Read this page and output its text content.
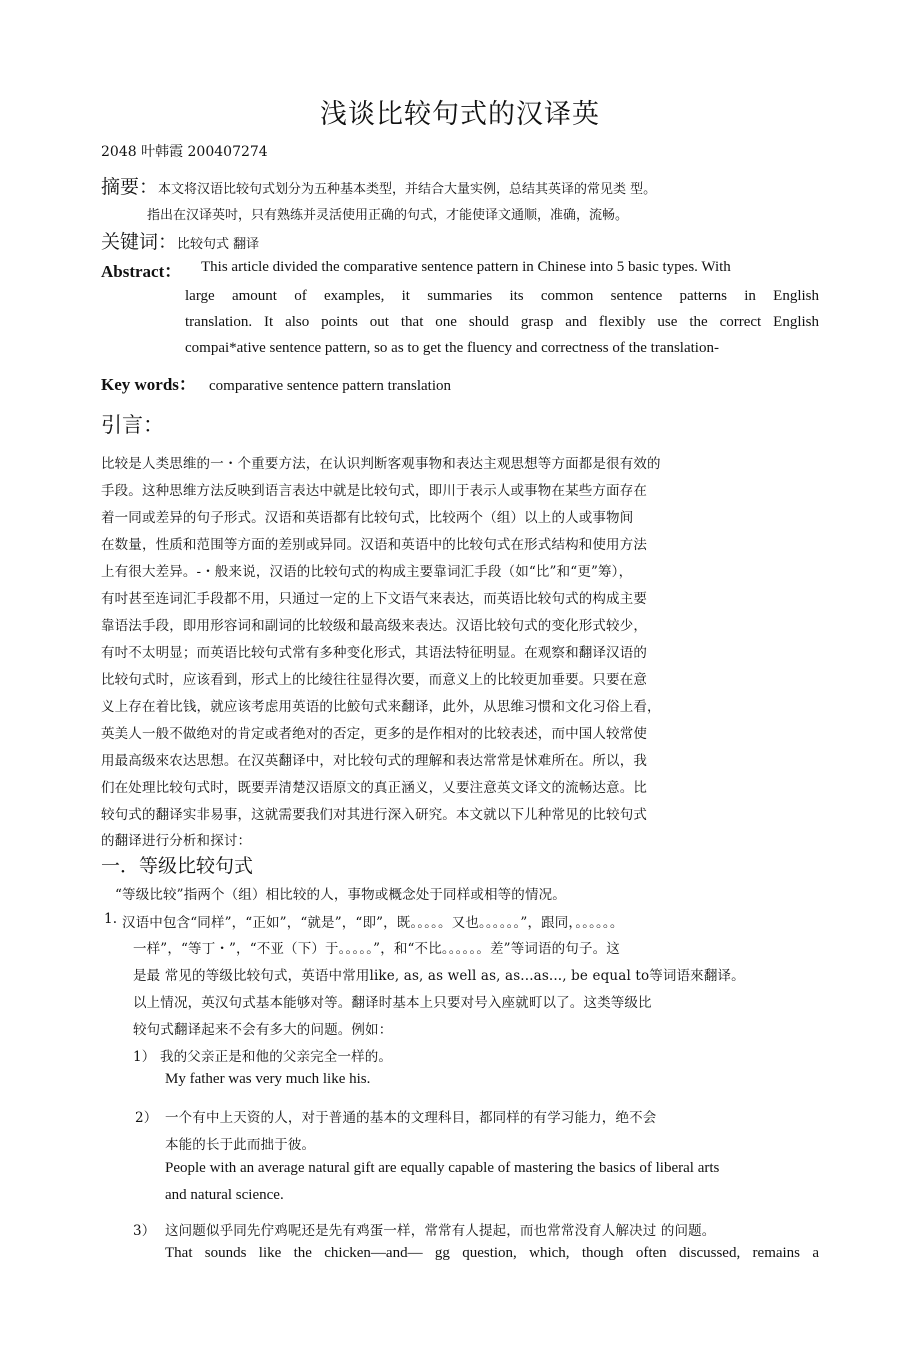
浅谈比较句式的汉译英
2048 叶韩霞 200407274
摘要：本文将汉语比较句式划分为五种基本类型，并结合大量实例，总结其英译的常见类 型。
指出在汉译英吋，只有熟练并灵活使用正确的句式，才能使译文通顺，准确，流畅。
关键词：比较句式 翻译
Abstract： This article divided the comparative sentence pattern in Chinese into 5 basic types. With
large amount of examples, it summaries its common sentence patterns in English
translation. It also points out that one should grasp and flexibly use the correct English
compai*ative sentence pattern, so as to get the fluency and correctness of the translation-
Key words： comparative sentence pattern translation
引言：
比较是人类思维的一・个重要方法，在认识判断客观事物和表达主观思想等方面都是很有效的
手段。这种思维方法反映到语言表达中就是比较句式，即川于表示人或事物在某些方面存在
着一同或差异的句子形式。汉语和英语都有比较句式，比较两个（组）以上的人或事物间
在数量，性质和范围等方面的差别或异同。汉语和英语中的比较句式在形式结构和使用方法
上有很大差异。-・般来说，汉语的比较句式的构成主要靠词汇手段（如“比”和“更”筹），
有吋甚至连词汇手段都不用，只通过一定的上下文语气来表达，而英语比较句式的构成主要
靠语法手段，即用形容词和副词的比较级和最高级来表达。汉语比较句式的变化形式较少，
有吋不太明显；而英语比较句式常有多种变化形式，其语法特征明显。在观察和翻译汉语的
比较句式时，应该看到，形式上的比绫往往显得次要，而意义上的比较更加垂要。只要在意
义上存在着比钱，就应该考虑用英语的比鮫句式来翻译，此外，从思维习惯和文化习俗上看，
英美人一般不做绝对的肯定或者绝对的否定，更多的是作相对的比较表述，而中国人较常使
用最高级來农达思想。在汉英翻译中，对比较句式的理解和表达常常是怵难所在。所以，我
们在处理比较句式时，既要弄清楚汉语原文的真正涵义，乂要注意英文译文的流畅达意。比
较句式的翻译实非易事，这就需要我们对其进行深入研究。本文就以下儿种常见的比较句式
的翻译进行分析和探讨：
一．等级比较句式
“等级比较”指两个（组）相比较的人，事物或概念处于同样或相等的情况。
1. 汉语中包含“同样”，“正如”，“就是”，“即”，既。。。。。又也。。。。。。”，跟同，。。。。。。
一样”，“等丁・”，“不亚（下）于。。。。。”，和“不比。。。。。。差”等词语的句子。这
是最 常见的等级比较句式，英语中常用like, as, as well as, as...as..., be equal to等词语來翻译。
以上情况，英汉句式基本能够对等。翻译时基本上只要对号入座就町以了。这类等级比
较句式翻译起来不会有多大的问题。例如：
1） 我的父亲正是和他的父亲完全一样的。
My father was very much like his.
2） 一个有中上天资的人，对于普通的基本的文理科目，都同样的有学习能力，绝不会
本能的长于此而拙于彼。
People with an average natural gift are equally capable of mastering the basics of liberal arts
and natural science.
3） 这问题似乎同先佇鸡呢还是先有鸡蛋一样，常常有人提起，而也常常没育人解决过 的问题。
That sounds like the chicken—and— gg question, which, though often discussed, remains a
